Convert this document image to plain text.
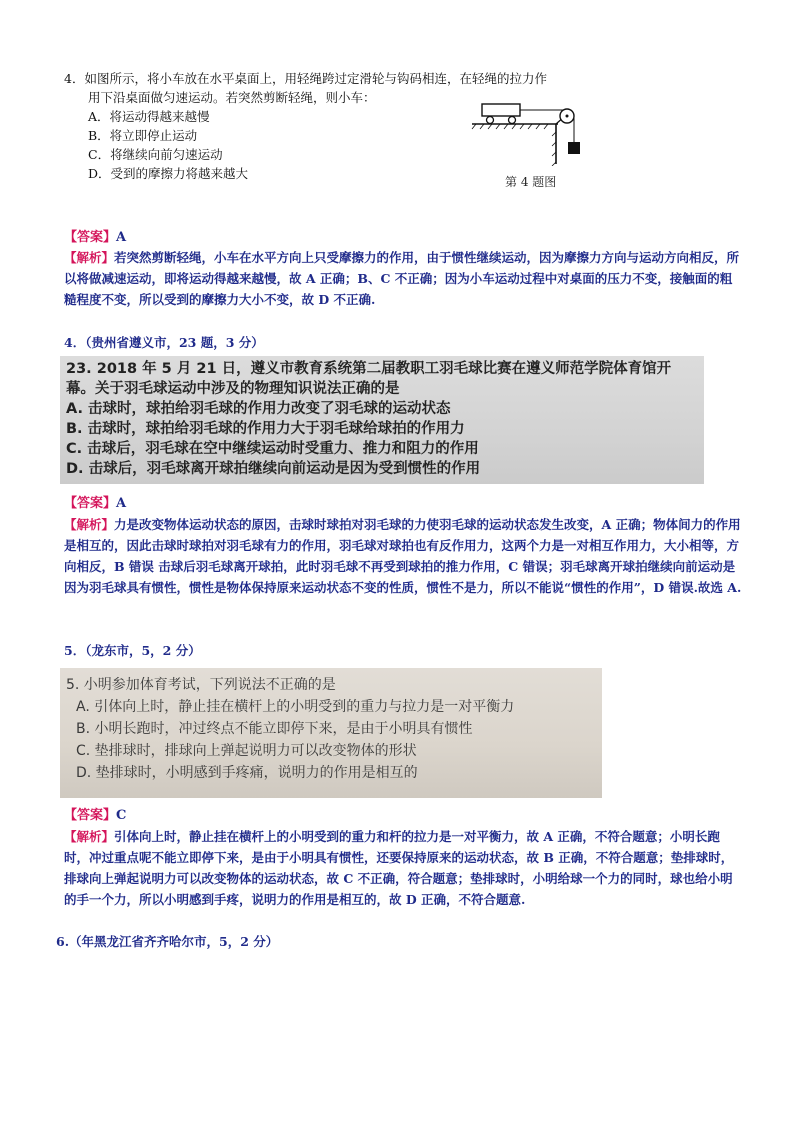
4．如图所示，将小车放在水平桌面上，用轻绳跨过定滑轮与钩码相连，在轻绳的拉力作
用下沿桌面做匀速运动。若突然剪断轻绳，则小车：
A．将运动得越来越慢
B．将立即停止运动
C．将继续向前匀速运动
D．受到的摩擦力将越来越大
第 4 题图
【答案】A
【解析】若突然剪断轻绳，小车在水平方向上只受摩擦力的作用，由于惯性继续运动，因为摩擦力方向与运动方向相反，所以将做减速运动，即将运动得越来越慢，故 A 正确；B、C 不正确；因为小车运动过程中对桌面的压力不变，接触面的粗糙程度不变，所以受到的摩擦力大小不变，故 D 不正确.
4．（贵州省遵义市，23 题，3 分）
23. 2018 年 5 月 21 日，遵义市教育系统第二届教职工羽毛球比赛在遵义师范学院体育馆开
幕。关于羽毛球运动中涉及的物理知识说法正确的是
A. 击球时，球拍给羽毛球的作用力改变了羽毛球的运动状态
B. 击球时，球拍给羽毛球的作用力大于羽毛球给球拍的作用力
C. 击球后，羽毛球在空中继续运动时受重力、推力和阻力的作用
D. 击球后，羽毛球离开球拍继续向前运动是因为受到惯性的作用
【答案】A
【解析】力是改变物体运动状态的原因，击球时球拍对羽毛球的力使羽毛球的运动状态发生改变，A 正确；物体间力的作用是相互的，因此击球时球拍对羽毛球有力的作用，羽毛球对球拍也有反作用力，这两个力是一对相互作用力，大小相等，方向相反，B 错误 击球后羽毛球离开球拍，此时羽毛球不再受到球拍的推力作用，C 错误；羽毛球离开球拍继续向前运动是因为羽毛球具有惯性，惯性是物体保持原来运动状态不变的性质，惯性不是力，所以不能说“惯性的作用”，D 错误.故选 A.
5．（龙东市，5，2 分）
5. 小明参加体育考试，下列说法不正确的是
A. 引体向上时，静止挂在横杆上的小明受到的重力与拉力是一对平衡力
B. 小明长跑时，冲过终点不能立即停下来，是由于小明具有惯性
C. 垫排球时，排球向上弹起说明力可以改变物体的形状
D. 垫排球时，小明感到手疼痛，说明力的作用是相互的
【答案】C
【解析】引体向上时，静止挂在横杆上的小明受到的重力和杆的拉力是一对平衡力，故 A 正确，不符合题意；小明长跑时，冲过重点呢不能立即停下来，是由于小明具有惯性，还要保持原来的运动状态，故 B 正确，不符合题意；垫排球时，排球向上弹起说明力可以改变物体的运动状态，故 C 不正确，符合题意；垫排球时，小明给球一个力的同时，球也给小明的手一个力，所以小明感到手疼，说明力的作用是相互的，故 D 正确，不符合题意.
6.（年黑龙江省齐齐哈尔市，5，2 分）
